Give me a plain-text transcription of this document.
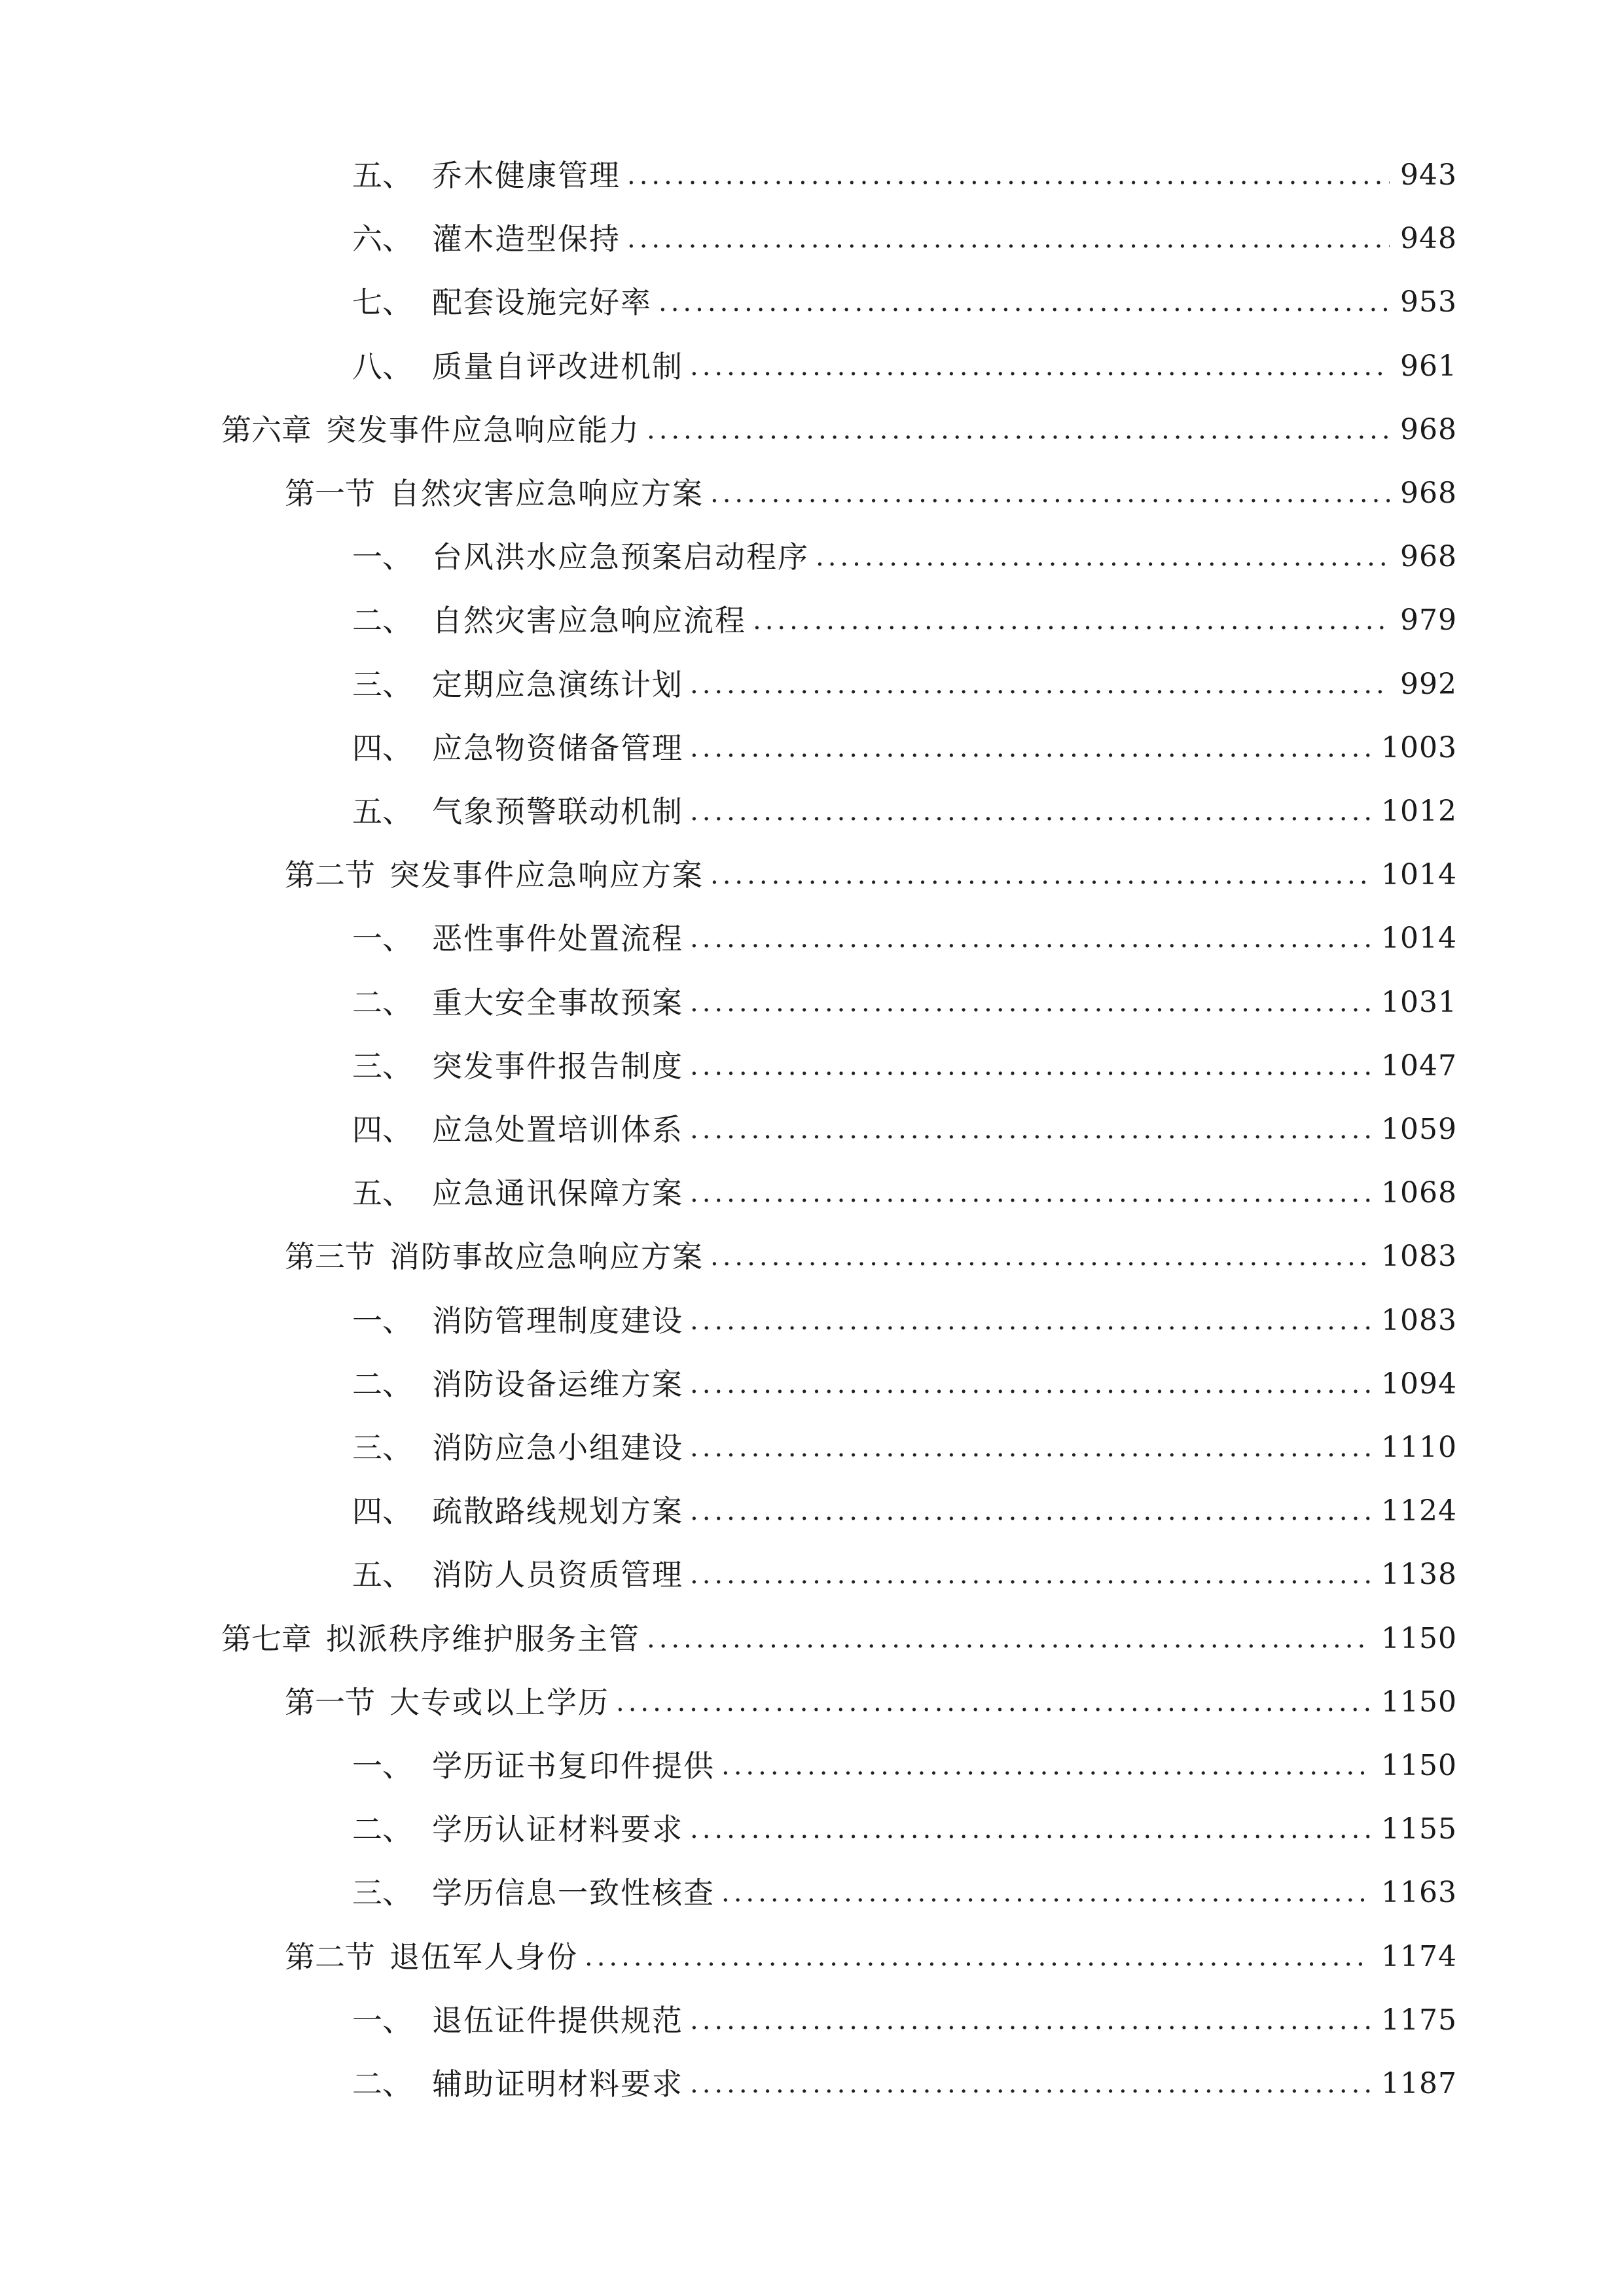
五、 乔木健康管理 .....	943
六、 灌木造型保持 .....	948
七、 配套设施完好率 .....	953
八、 质量自评改进机制 .....	961
第六章 突发事件应急响应能力 .....	968
第一节 自然灾害应急响应方案 .....	968
一、 台风洪水应急预案启动程序 .....	968
二、 自然灾害应急响应流程 .....	979
三、 定期应急演练计划 .....	992
四、 应急物资储备管理 .....	1003
五、 气象预警联动机制 .....	1012
第二节 突发事件应急响应方案 .....	1014
一、 恶性事件处置流程 .....	1014
二、 重大安全事故预案 .....	1031
三、 突发事件报告制度 .....	1047
四、 应急处置培训体系 .....	1059
五、 应急通讯保障方案 .....	1068
第三节 消防事故应急响应方案 .....	1083
一、 消防管理制度建设 .....	1083
二、 消防设备运维方案 .....	1094
三、 消防应急小组建设 .....	1110
四、 疏散路线规划方案 .....	1124
五、 消防人员资质管理 .....	1138
第七章 拟派秩序维护服务主管 .....	1150
第一节 大专或以上学历 .....	1150
一、 学历证书复印件提供 .....	1150
二、 学历认证材料要求 .....	1155
三、 学历信息一致性核查 .....	1163
第二节 退伍军人身份 .....	1174
一、 退伍证件提供规范 .....	1175
二、 辅助证明材料要求 .....	1187
